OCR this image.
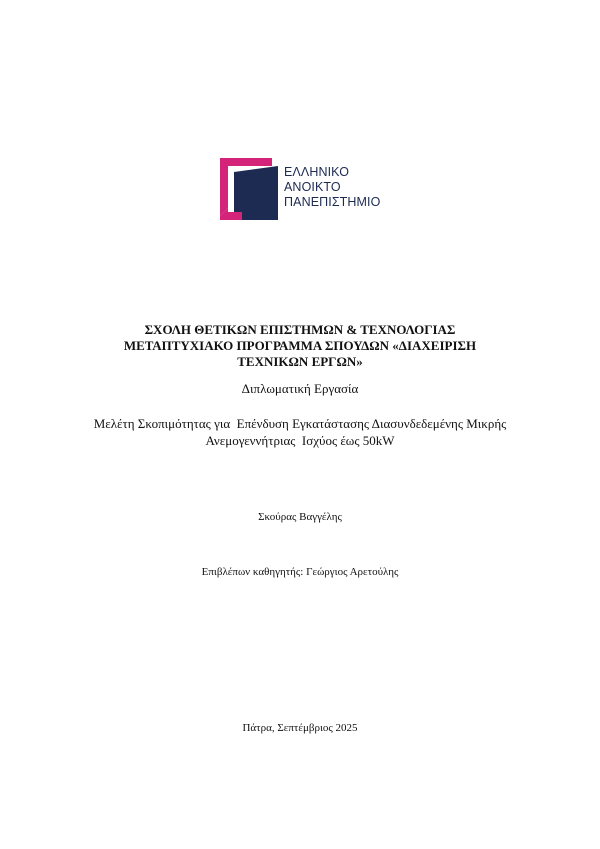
ΕΛΛΗΝΙΚΟ
ΑΝΟΙΚΤΟ
ΠΑΝΕΠΙΣΤΗΜΙΟ
ΣΧΟΛΗ ΘΕΤΙΚΩΝ ΕΠΙΣΤΗΜΩΝ & ΤΕΧΝΟΛΟΓΙΑΣ
ΜΕΤΑΠΤΥΧΙΑΚΟ ΠΡΟΓΡΑΜΜΑ ΣΠΟΥΔΩΝ «ΔΙΑΧΕΙΡΙΣΗ
ΤΕΧΝΙΚΩΝ ΕΡΓΩΝ»
Διπλωματική Εργασία
Μελέτη Σκοπιμότητας για  Επένδυση Εγκατάστασης Διασυνδεδεμένης Μικρής
Ανεμογεννήτριας  Ισχύος έως 50kW
Σκούρας Βαγγέλης
Επιβλέπων καθηγητής: Γεώργιος Αρετούλης
Πάτρα, Σεπτέμβριος 2025
